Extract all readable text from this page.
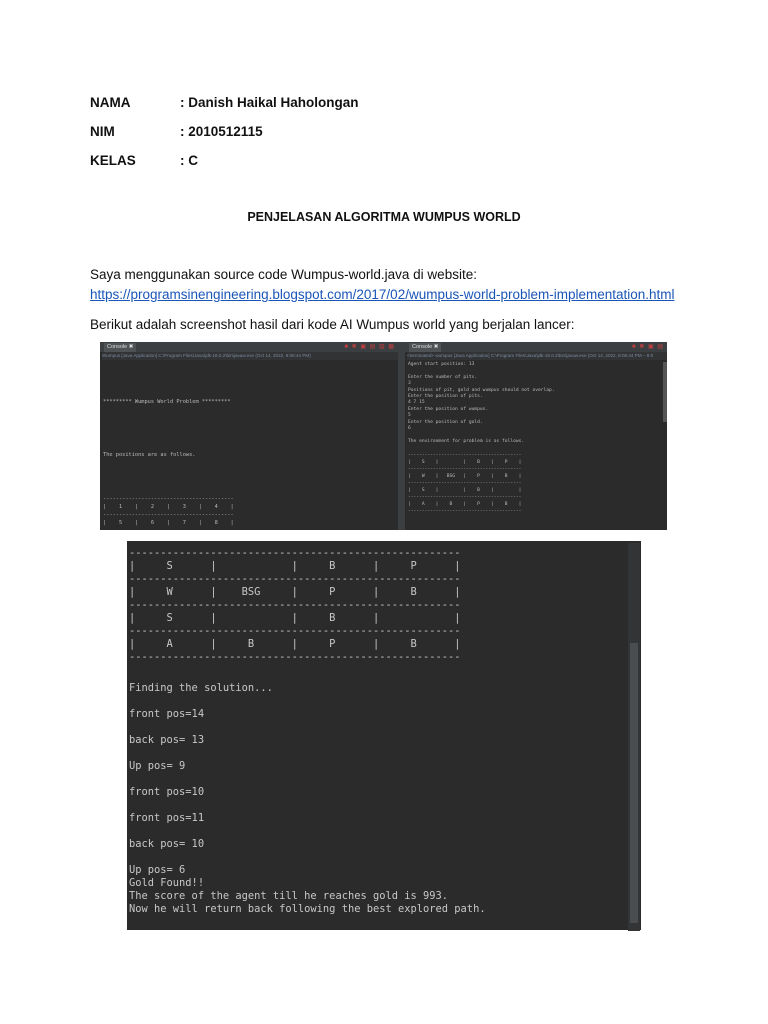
NAMA	: Danish Haikal Haholongan
NIM	: 2010512115
KELAS	: C
PENJELASAN ALGORITMA WUMPUS WORLD
Saya menggunakan source code Wumpus-world.java di website:
https://programsinengineering.blogspot.com/2017/02/wumpus-world-problem-implementation.html
Berikut adalah screenshot hasil dari kode AI Wumpus world yang berjalan lancer:
Console ✖	■ ✖ ▣ ▤ ▥ ▦
Wumpus [Java Application] C:\Program Files\Java\jdk-18.0.2\bin\javaw.exe (Oct 14, 2022, 8:06:44 PM)

********* Wumpus World Problem *********

The positions are as follows.

-----------------------------------------
|    1    |    2    |    3    |    4    |
-----------------------------------------
|    5    |    6    |    7    |    8    |

Console ✖	■ ✖ ▣ ▤
<terminated> wumpus [Java Application] C:\Program Files\Java\jdk-18.0.2\bin\javaw.exe (Oct 14, 2022, 8:06:44 PM – 8:0
Agent start position: 13

Enter the number of pits.
3
Positions of pit, gold and wumpus should not overlap.
Enter the position of pits.
4 7 15
Enter the position of wumpus.
5
Enter the position of gold.
6

The environment for problem is as follows.

-----------------------------------------
|    S    |         |    B    |    P    |
-----------------------------------------
|    W    |   BSG   |    P    |    B    |
-----------------------------------------
|    S    |         |    B    |         |
-----------------------------------------
|    A    |    B    |    P    |    B    |
-----------------------------------------
-----------------------------------------------------
|     S      |            |     B      |     P      |
-----------------------------------------------------
|     W      |    BSG     |     P      |     B      |
-----------------------------------------------------
|     S      |            |     B      |            |
-----------------------------------------------------
|     A      |     B      |     P      |     B      |
-----------------------------------------------------
Finding the solution...
front pos=14
back pos= 13
Up pos= 9
front pos=10
front pos=11
back pos= 10
Up pos= 6
Gold Found!!
The score of the agent till he reaches gold is 993.
Now he will return back following the best explored path.
